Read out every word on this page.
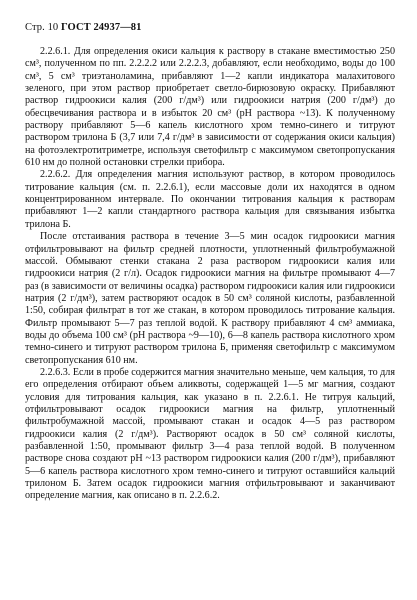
Стр. 10 ГОСТ 24937—81

2.2.6.1. Для определения окиси кальция к раствору в стакане вместимостью 250 см³, полученном по пп. 2.2.2.2 или 2.2.2.3, добавляют, если необходимо, воды до 100 см³, 5 см³ триэтаноламина, прибавляют 1—2 капли индикатора малахитового зеленого, при этом раствор приобретает светло-бирюзовую окраску. Прибавляют раствор гидроокиси калия (200 г/дм³) или гидроокиси натрия (200 г/дм³) до обесцвечивания раствора и в избыток 20 см³ (pH раствора ~13). К полученному раствору прибавляют 5—6 капель кислотного хром темно-синего и титруют раствором трилона Б (3,7 или 7,4 г/дм³ в зависимости от содержания окиси кальция) на фотоэлектротитриметре, используя светофильтр с максимумом светопропускания 610 нм до полной остановки стрелки прибора.

2.2.6.2. Для определения магния используют раствор, в котором проводилось титрование кальция (см. п. 2.2.6.1), если массовые доли их находятся в одном концентрированном интервале. По окончании титрования кальция к растворам прибавляют 1—2 капли стандартного раствора кальция для связывания избытка трилона Б.

После отстаивания раствора в течение 3—5 мин осадок гидроокиси магния отфильтровывают на фильтр средней плотности, уплотненный фильтробумажной массой. Обмывают стенки стакана 2 раза раствором гидроокиси калия или гидроокиси натрия (2 г/л). Осадок гидроокиси магния на фильтре промывают 4—7 раз (в зависимости от величины осадка) раствором гидроокиси калия или гидроокиси натрия (2 г/дм³), затем растворяют осадок в 50 см³ соляной кислоты, разбавленной 1:50, собирая фильтрат в тот же стакан, в котором проводилось титрование кальция. Фильтр промывают 5—7 раз теплой водой. К раствору прибавляют 4 см³ аммиака, воды до объема 100 см³ (pH раствора ~9—10), 6—8 капель раствора кислотного хром темно-синего и титруют раствором трилона Б, применяя светофильтр с максимумом светопропускания 610 нм.

2.2.6.3. Если в пробе содержится магния значительно меньше, чем кальция, то для его определения отбирают объем аликвоты, содержащей 1—5 мг магния, создают условия для титрования кальция, как указано в п. 2.2.6.1. Не титруя кальций, отфильтровывают осадок гидроокиси магния на фильтр, уплотненный фильтробумажной массой, промывают стакан и осадок 4—5 раз раствором гидроокиси калия (2 г/дм³). Растворяют осадок в 50 см³ соляной кислоты, разбавленной 1:50, промывают фильтр 3—4 раза теплой водой. В полученном растворе снова создают pH ~13 раствором гидроокиси калия (200 г/дм³), прибавляют 5—6 капель раствора кислотного хром темно-синего и титруют оставшийся кальций трилоном Б. Затем осадок гидроокиси магния отфильтровывают и заканчивают определение магния, как описано в п. 2.2.6.2.
